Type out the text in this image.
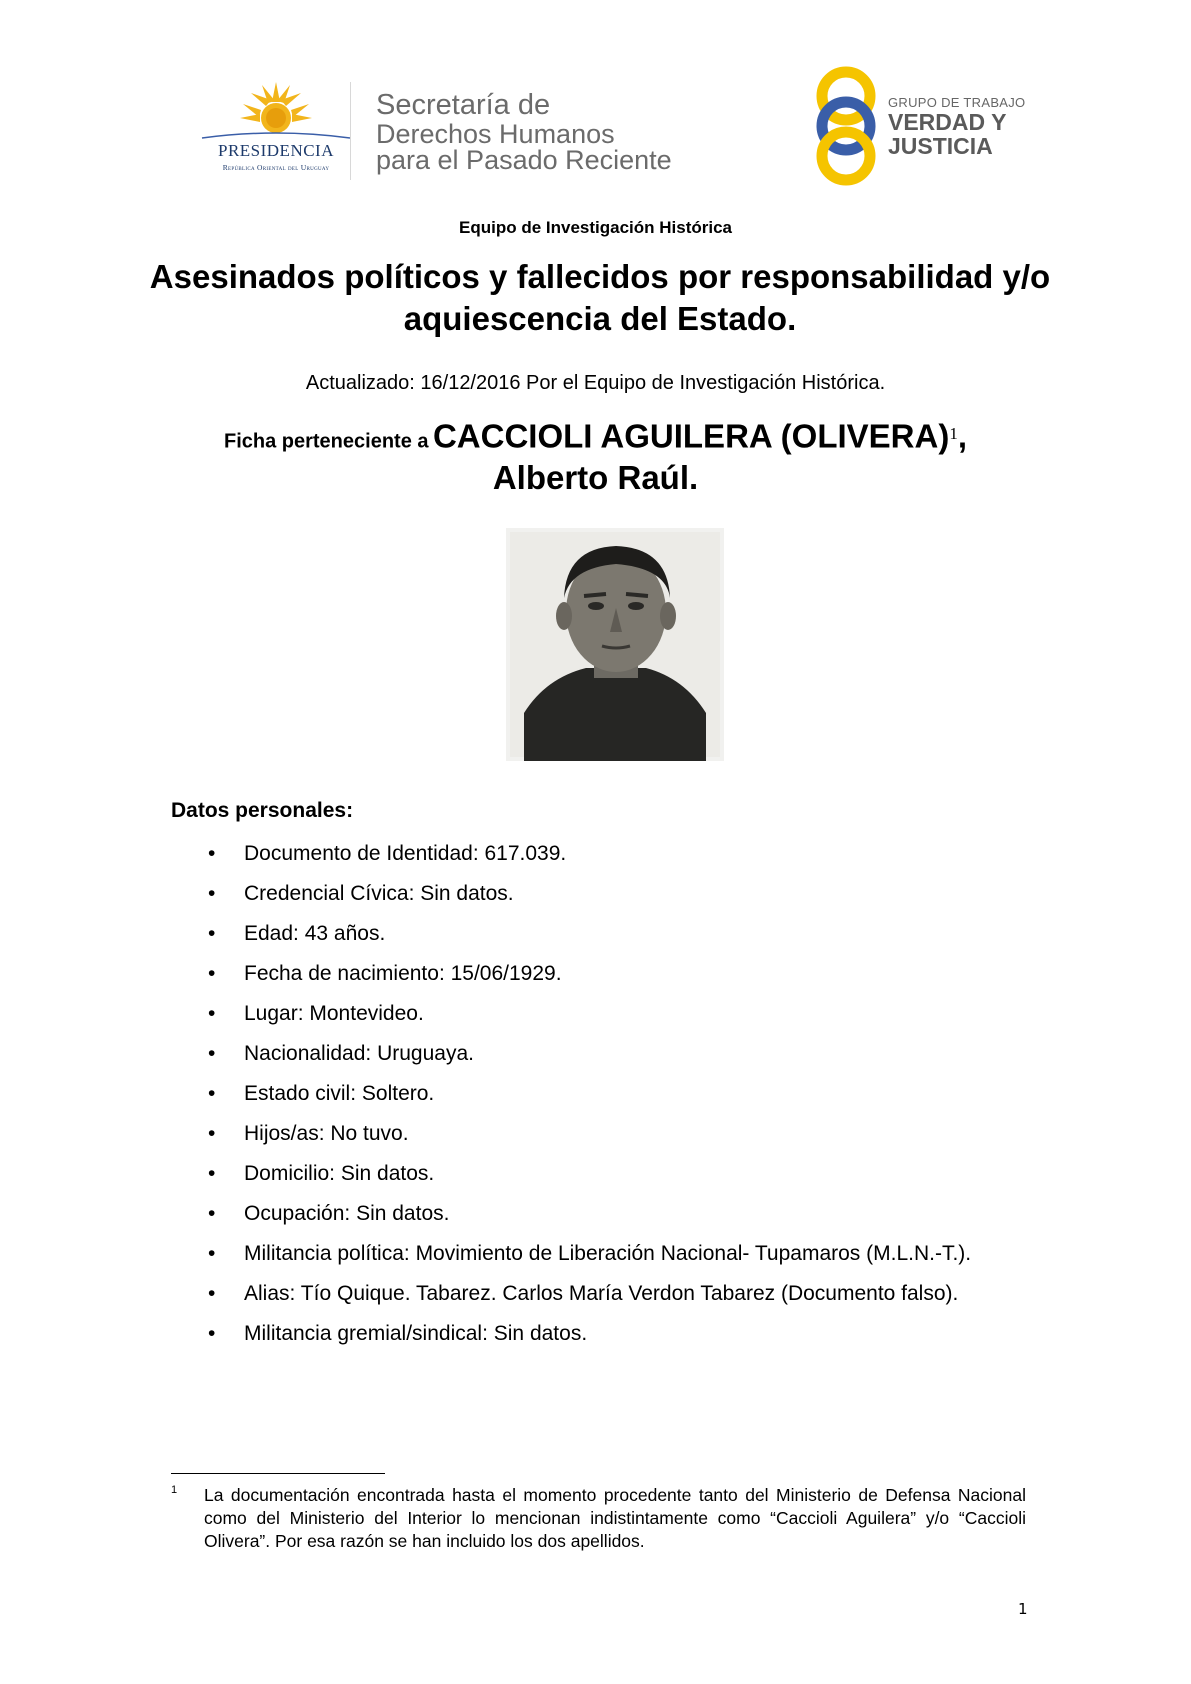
PRESIDENCIA
República Oriental del Uruguay
Secretaría de
Derechos Humanos
para el Pasado Reciente
GRUPO DE TRABAJO
VERDAD Y
JUSTICIA
Equipo de Investigación Histórica
Asesinados políticos y fallecidos por responsabilidad y/o aquiescencia del Estado.
Actualizado: 16/12/2016 Por el Equipo de Investigación Histórica.
Ficha perteneciente a CACCIOLI AGUILERA (OLIVERA)1,
Alberto Raúl.
Datos personales:
• Documento de Identidad: 617.039.
• Credencial Cívica: Sin datos.
• Edad: 43 años.
• Fecha de nacimiento: 15/06/1929.
• Lugar: Montevideo.
• Nacionalidad: Uruguaya.
• Estado civil: Soltero.
• Hijos/as: No tuvo.
• Domicilio: Sin datos.
• Ocupación: Sin datos.
• Militancia política: Movimiento de Liberación Nacional- Tupamaros (M.L.N.-T.).
• Alias: Tío Quique. Tabarez. Carlos María Verdon Tabarez (Documento falso).
• Militancia gremial/sindical: Sin datos.
1 La documentación encontrada hasta el momento procedente tanto del Ministerio de Defensa Nacional como del Ministerio del Interior lo mencionan indistintamente como “Caccioli Aguilera” y/o “Caccioli Olivera”. Por esa razón se han incluido los dos apellidos.
1
